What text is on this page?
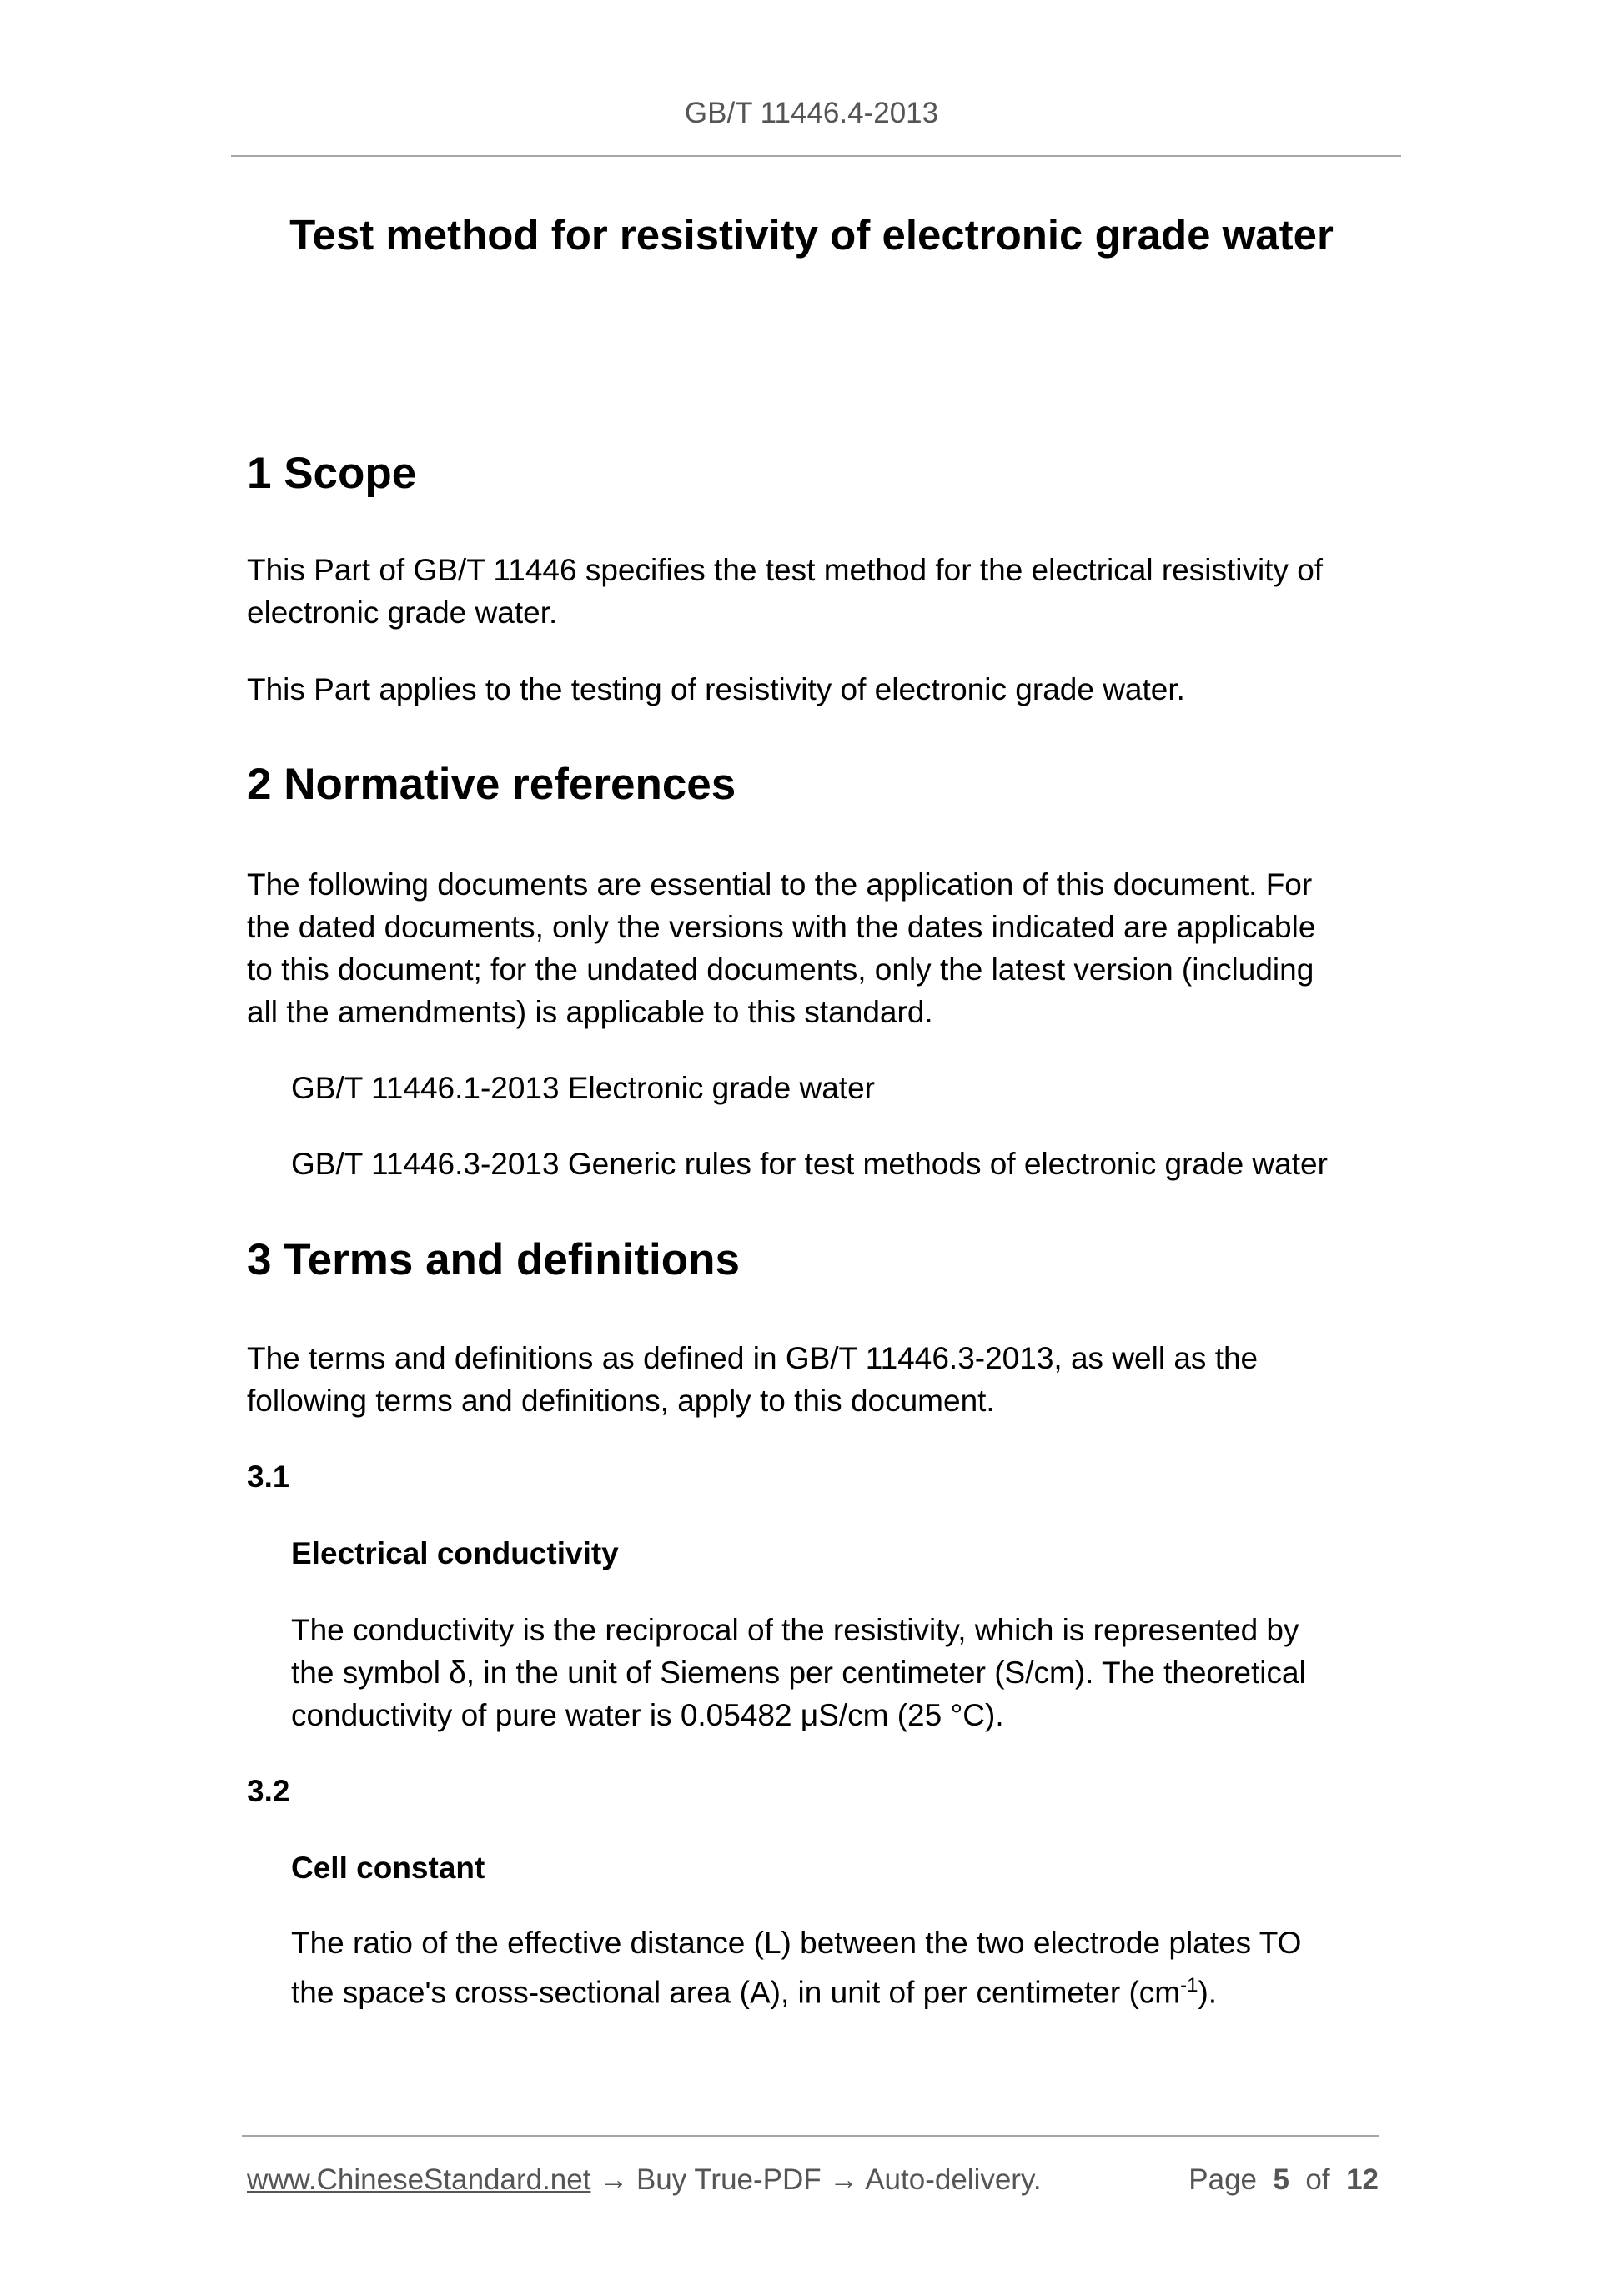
GB/T 11446.4-2013
Test method for resistivity of electronic grade water
1 Scope
This Part of GB/T 11446 specifies the test method for the electrical resistivity of
electronic grade water.
This Part applies to the testing of resistivity of electronic grade water.
2 Normative references
The following documents are essential to the application of this document. For
the dated documents, only the versions with the dates indicated are applicable
to this document; for the undated documents, only the latest version (including
all the amendments) is applicable to this standard.
GB/T 11446.1-2013 Electronic grade water
GB/T 11446.3-2013 Generic rules for test methods of electronic grade water
3 Terms and definitions
The terms and definitions as defined in GB/T 11446.3-2013, as well as the
following terms and definitions, apply to this document.
3.1
Electrical conductivity
The conductivity is the reciprocal of the resistivity, which is represented by
the symbol δ, in the unit of Siemens per centimeter (S/cm). The theoretical
conductivity of pure water is 0.05482 μS/cm (25 °C).
3.2
Cell constant
The ratio of the effective distance (L) between the two electrode plates TO
the space's cross-sectional area (A), in unit of per centimeter $(cm^{-1})$.
www.ChineseStandard.net → Buy True-PDF → Auto-delivery.	Page 5 of 12
